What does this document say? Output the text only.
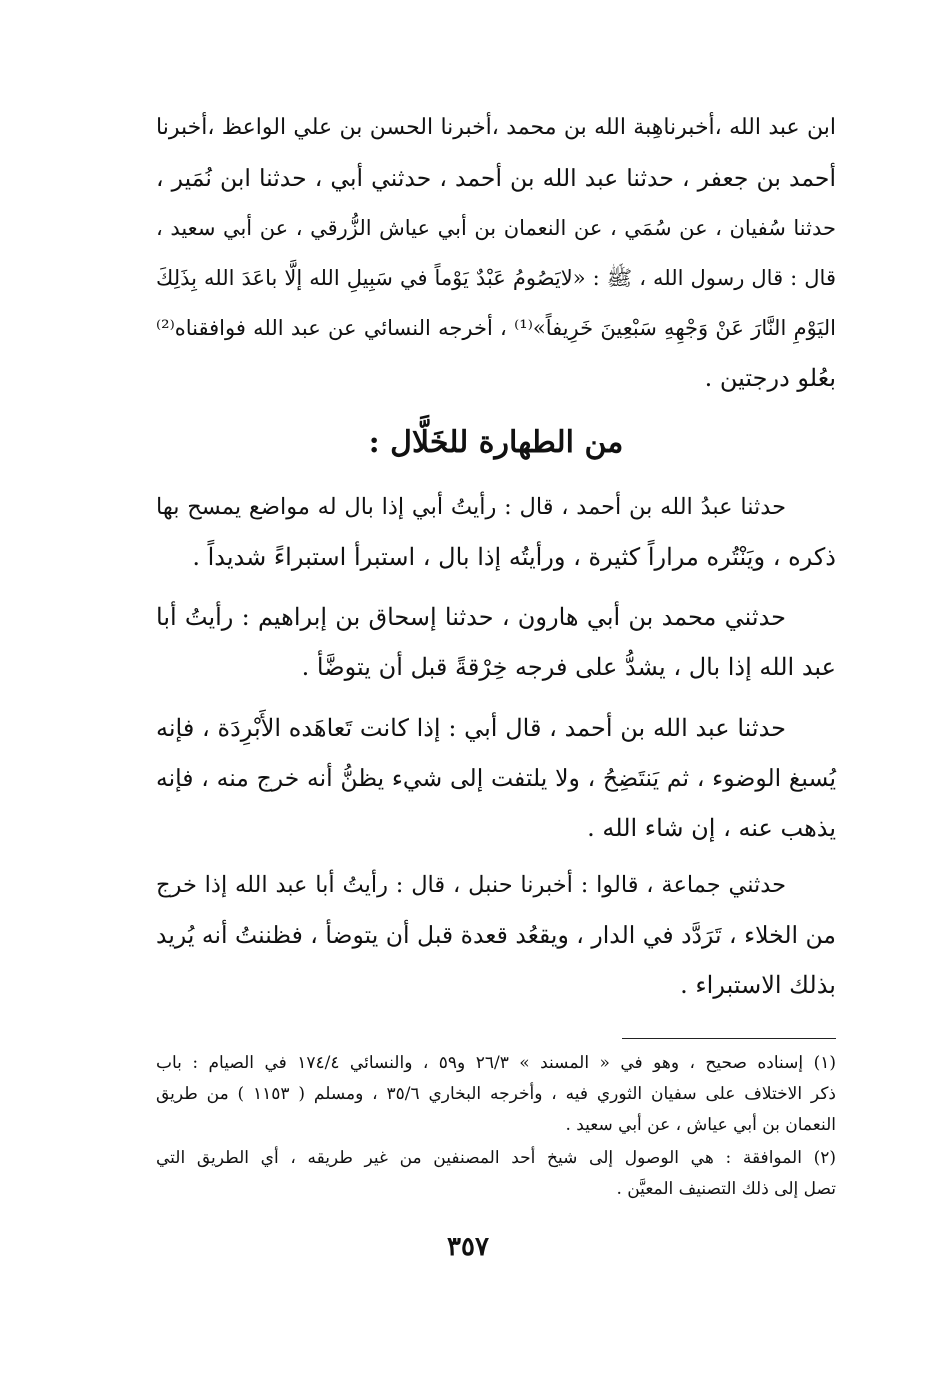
ابن عبد الله ،أخبرناهِبة الله بن محمد ،أخبرنا الحسن بن علي الواعظ ،أخبرنا
أحمد بن جعفر ، حدثنا عبد الله بن أحمد ، حدثني أبي ، حدثنا ابن نُمَير ،
حدثنا سُفيان ، عن سُمَي ، عن النعمان بن أبي عياش الزُّرقي ، عن أبي سعيد ،
قال : قال رسول الله ، ﷺ : «لايَصُومُ عَبْدٌ يَوْماً في سَبِيلِ الله إلَّا باعَدَ الله بِذَلِكَ
اليَوْمِ النَّارَ عَنْ وَجْهِهِ سَبْعِينَ خَرِيفاً»⁽¹⁾ ، أخرجه النسائي عن عبد الله فوافقناه⁽²⁾
بعُلو درجتين .
من الطهارة للخَلَّال :
حدثنا عبدُ الله بن أحمد ، قال : رأيتُ أبي إذا بال له مواضع يمسح بها
ذكره ، ويَنْتُره مراراً كثيرة ، ورأيتُه إذا بال ، استبرأ استبراءً شديداً .
حدثني محمد بن أبي هارون ، حدثنا إسحاق بن إبراهيم : رأيتُ أبا
عبد الله إذا بال ، يشدُّ على فرجه خِرْقةً قبل أن يتوضَّأ .
حدثنا عبد الله بن أحمد ، قال أبي : إذا كانت تَعاهَده الأَبْرِدَة ، فإنه
يُسبغ الوضوء ، ثم يَنتَضِحُ ، ولا يلتفت إلى شيء يظنُّ أنه خرج منه ، فإنه
يذهب عنه ، إن شاء الله .
حدثني جماعة ، قالوا : أخبرنا حنبل ، قال : رأيتُ أبا عبد الله إذا خرج
من الخلاء ، تَرَدَّد في الدار ، ويقعُد قعدة قبل أن يتوضأ ، فظننتُ أنه يُريد
بذلك الاستبراء .
(١) إسناده صحيح ، وهو في « المسند » ٢٦/٣ و٥٩ ، والنسائي ١٧٤/٤ في الصيام : باب
ذكر الاختلاف على سفيان الثوري فيه ، وأخرجه البخاري ٣٥/٦ ، ومسلم ( ١١٥٣ ) من طريق
النعمان بن أبي عياش ، عن أبي سعيد .
(٢) الموافقة : هي الوصول إلى شيخ أحد المصنفين من غير طريقه ، أي الطريق التي
تصل إلى ذلك التصنيف المعيَّن .
٣٥٧
